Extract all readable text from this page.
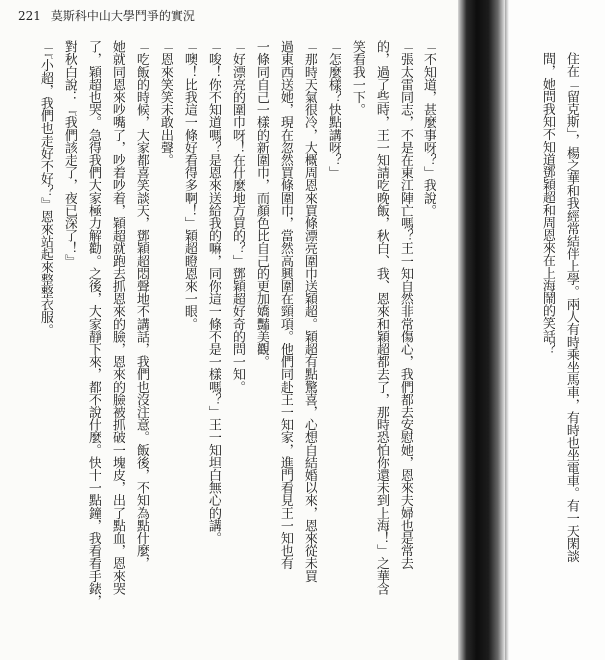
221 莫斯科中山大學鬥爭的實況
「不知道，甚麼事呀？」我說。
「張太雷同志，不是在東江陣亡嗎？王一知自然非常傷心，我們都去安慰她，恩來夫婦也是常去
的，過了些時，王一知請吃晚飯，秋白、我、恩來和穎超都去了，那時恐怕你還未到上海！」之華含
笑看我一下。
「怎麼樣？快點講呀？」
「那時天氣很冷，大概周恩來買條漂亮圍巾送穎超。穎超有點驚喜，心想自結婚以來，恩來從未買
過東西送她，現在忽然買條圍巾，當然高興圍在頸項。他們同赴王一知家，進門看見王一知也有
一條同自己一樣的新圍巾，而顏色比自己的更加嬌豔美觀。
「好漂亮的圍巾呀！在什麼地方買的？」鄧穎超好奇的問一知。
「唆！你不知道嗎？是恩來送給我的嘛，同你這一條不是一樣嗎？」王一知坦白無心的講。
「噢！比我這一條好看得多啊！」穎超瞪恩來一眼。
「恩來笑笑未敢出聲。
「吃飯的時候，大家都喜笑談天，鄧穎超悶聲地不講話，我們也沒注意。飯後，不知為點什麼，
她就同恩來吵嘴了，吵着吵着，穎超就跑去抓恩來的臉，恩來的臉被抓破一塊皮，出了點血，恩來哭
了，穎超也哭。急得我們大家極力解勸。之後，大家靜下來，都不說什麼。快十一點鐘，我看看手錶，
對秋白說：『我們該走了，夜已深了！』
「『小超，我們也走好不好？』恩來站起來整整衣服。	住在「留克斯」，楊之華和我經常結伴上學。兩人有時乘坐馬車，有時也坐電車。有一天閑談
間，她問我知不知道鄧穎超和周恩來在上海鬧的笑話？
